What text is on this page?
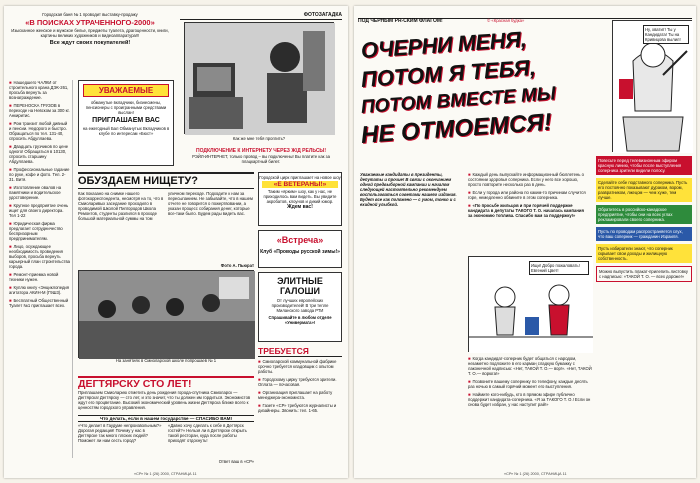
Городская баня № 1 проводит выставку-продажу
«В ПОИСКАХ УТРАЧЕННОГО-2000»
Изысканное женское и мужское белье, предметы туалета, драгоценности, книги, картины великих художников и видеоаппаратура!!!
Все ждут своих покупателей!
■ Нашедшего ЧАЛКИ от строительного крана ДЭК-261, просьба вернуть за вознаграждение.
■ ПЕРЕНОСКА ГРУЗОВ в переходе на Невском за 300 кг. Анкиритис.
■ Ром транзит любой дивный и пенсии. Недорого и быстро. Обращаться по тел. 131-40, спросить Абдуллаева.
■ Двадцать грузчиков по цене одного! Обращаться в 10130, спросить старшину Абдуллаева.
■ Профессиональные гадание по руке, кофе и фото. Тел. 2-31. Витя.
■ Изготовление овалов на памятники и водительское удостоверение.
■ Крупное предприятие очень ищет для своего директора. Тел 1-22
■ Юридическая фирма предлагает сотрудничество беспризорным предпринимателям.
■ Лицо, осуждающее необходимость проведения выборов, просьба вернуть карьерный план строительства города.
■ Ремонт-приемка новой техники нужен.
■ Куплю книгу «Энциклопедия агитатора АКИН-М (Г9Ш3).
■ Бесплатный Общественный Туалет №1 приглашает всех.
УВАЖАЕМЫЕ
обманутые вкладчики, бизнесмены, пенсионеры с проигранными средствами выслан!
ПРИГЛАШАЕМ ВАС
на ежегодный Бал Обманутых Вкладчиков в клубе по интересам «Бюст»
ФОТОЗАГАДКА
Как же мне тебя проглить?
ПОДКЛЮЧЕНИЕ К ИНТЕРНЕТУ ЧЕРЕЗ Ж/Д РЕЛЬСЫ!
РЭЙЛ-ИНТЕРНЕТ, только провод – вы подключены! Вы платите как за плацкартный билет.
ОБУЗДАЕМ НИЩЕТУ?
Как показано на снимке нашего фотокорреспондента, несмотря на то, что в Смиоларивых заседание проходило в проводимой Школой Пипгородов Школа Ремонтов, студенты разлился в проходе большой материальной суммы на том уличном переходе. Подходите к нам за пересыпанием. Не забывайте, что в нашем отчете не говорится о пожертвовании, а указан процесс собирания денег, которые все-таки было. Будем рады видеть вас.
Фото А. Пьюрат
На занятиях в Смиоларской школе попрошаев № 1
Городской цирк приглашает на новое шоу
«Е ВЕТЕРАНЫ!»
Таким «ярким» шоу, как у нас, не приходилось вам видеть. Вы увидите акробатов, клоунов и дикий юмор.
Ждем вас!
«Встреча»
Клуб «Проводы русской зимы!»
ЭЛИТНЫЕ ГАЛОШИ
От лучших европейских производителей! В три тепле Миланского завода РТИ
Спрашивайте в любом отделе «Универмага»!
ДЕГТЯРСКУ СТО ЛЕТ!
Приглашаем Смиоларию отметить день рождения города-спутника Смиоларск — Дегтярска! Дегтярску — сто лет, и это значит, что ты должен им гордиться. Экономистов ждут его процветание. Высокий экономический уровень жизни Дегтярска ближе всего к ценностям городского управления.
Что делать, если в нашем государстве — СПАСИБО ВАМ!
«Что делает в Гаудуме непроизвольным?» Дорогая редакция! Почему у нас в Дегтярске так много плохих людей? Поможет ли нам сесть город?
«Давно хочу сделать к себе в Дегтярск гостей?» Нельзя ли в Дегтярске открыть такой ресторан, куда после работы приходят отдохнуть!
Ответ ваш в «СР»
ТРЕБУЕТСЯ
■ Смиоларской коммунальной фабрике срочно требуется кладовщик с опытом работы.
■ Городскому цирку требуются зрители. Оплата — почасовая.
■ Организация приглашает на работу менеджера-экономиста.
■ Газете «СР» требуются журналисты и дизайнеры. Звонить: тел. 1-65.
«СР» № 1 (26) 2000, СТРАНИЦА 11
ПОД ЧЕРНЫМ PR-СКИМ ФЛАГОМ!	© «Красная будка»
ОЧЕРНИ МЕНЯ,
ПОТОМ Я ТЕБЯ,
ПОТОМ ВМЕСТЕ МЫ
НЕ ОТМОЕМСЯ!
Ну, хватит! Ты у Кандидата! Ты на Кривицова вылил!
Уважаемые кандидаты в президенты, депутаты и прочие! В связи с окончанием одной предвыборной кампании и началом следующей настоятельно рекомендуем воспользоваться советами нашего издания. Будет все как положено — с умом, тонко и с ехидной улыбкой.
■ Каждый день выпускайте информационный бюллетень о состоянии здоровья соперника. Если у него все хорошо, просто повторите несколько раз в день.
■ Если у города или района по каким-то причинам случится горе, немедленно обвините в этом соперника.
■ «По просьбе жильцов и при горячей поддержке кандидата в депутаты ТАКОГО Т. О. началась кампания за экономию топлива. Спасибо вам за поддержку!»
Ищи! Добро пожаловать! Евгений Цвет!
■ Когда кандидат-соперник будет общаться с народом, незаметно подложите в его карман сладкую бумажку с лаконичной надписью: «Нет, ТАКОЙ Т. О.— вор!». «Нет, ТАКОЙ Т. О.— ворюга!»
■ Позвоните вашему сопернику по телефону, каждые десять раз ночью в самый горячий момент его выступления.
■ Наймите кого-нибудь, кто в прямом эфире публично поддержит кандидата-соперника. «Я за ТАКОГО Т. О.! Если он снова будет избран, у нас наступит рай!»
Повесьте перед телевизионным эфиром красную линию, чтобы после выступления соперника зрители видели полосу.
Сделайте себе подставного соперника. Пусть его постоянно показывают дураком, вором, развратником, лжецом — чем хуже, тем лучше.
Обратитесь в российско-канадское предприятие, чтобы они на всех углах рекламировали своего соперника.
Пусть по проводам распространяется слух, что ваш соперник — гражданин Израиля.
Пусть избиратели знают, что соперник скрывает свои доходы и жилищную собственность.
Можно выпустить плакат-прилепить листовку с надписью: «ТАКОЙ Т. О. — всех дороже!»
«СР» № 1 (26) 2000, СТРАНИЦА 11
